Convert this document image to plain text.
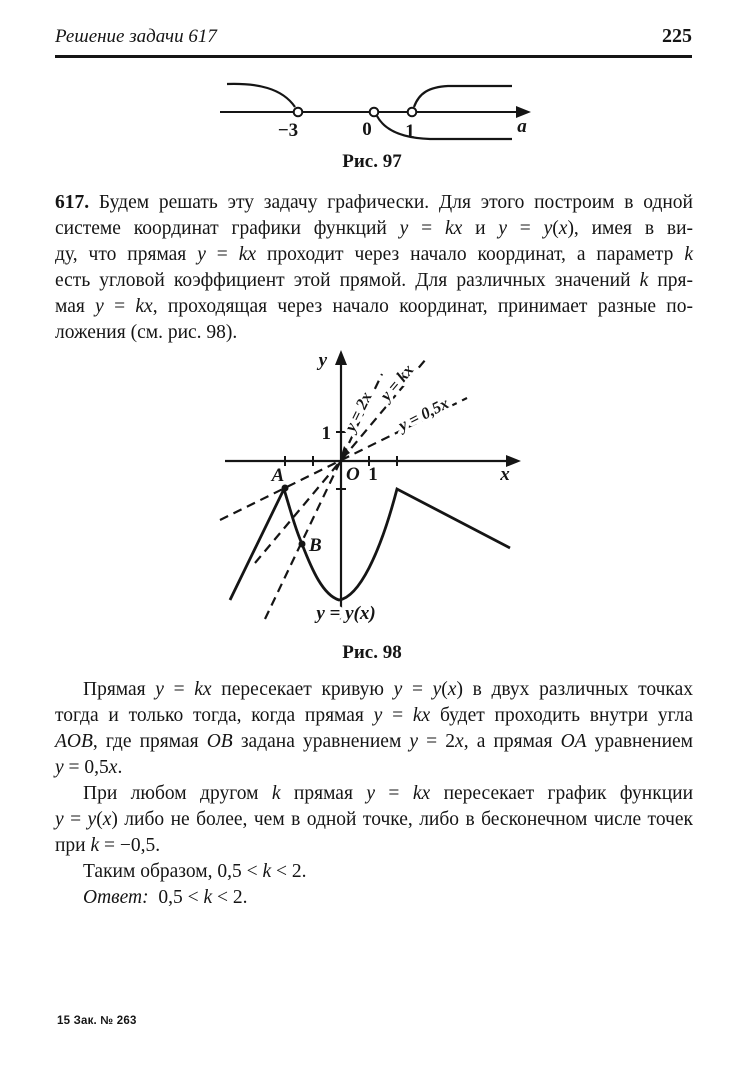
Решение задачи 617	225
−3	0 1	a
Рис. 97
617. Будем решать эту задачу графически. Для этого построим в одной
системе координат графики функций y = kx и y = y(x), имея в ви-
ду, что прямая y = kx проходит через начало координат, а параметр k
есть угловой коэффициент этой прямой. Для различных значений k пря-
мая y = kx, проходящая через начало координат, принимает разные по-
ложения (см. рис. 98).
y = 2x
y = kx
y = 0,5x
y
x
O 1
1
A
B
y = y(x)
Рис. 98
Прямая y = kx пересекает кривую y = y(x) в двух различных точках
тогда и только тогда, когда прямая y = kx будет проходить внутри угла
AOB, где прямая OB задана уравнением y = 2x, а прямая OA уравнением
y = 0,5x.
При любом другом k прямая y = kx пересекает график функции
y = y(x) либо не более, чем в одной точке, либо в бесконечном числе точек
при k = −0,5.
Таким образом, 0,5 < k < 2.
Ответ:  0,5 < k < 2.
15 Зак. № 263
